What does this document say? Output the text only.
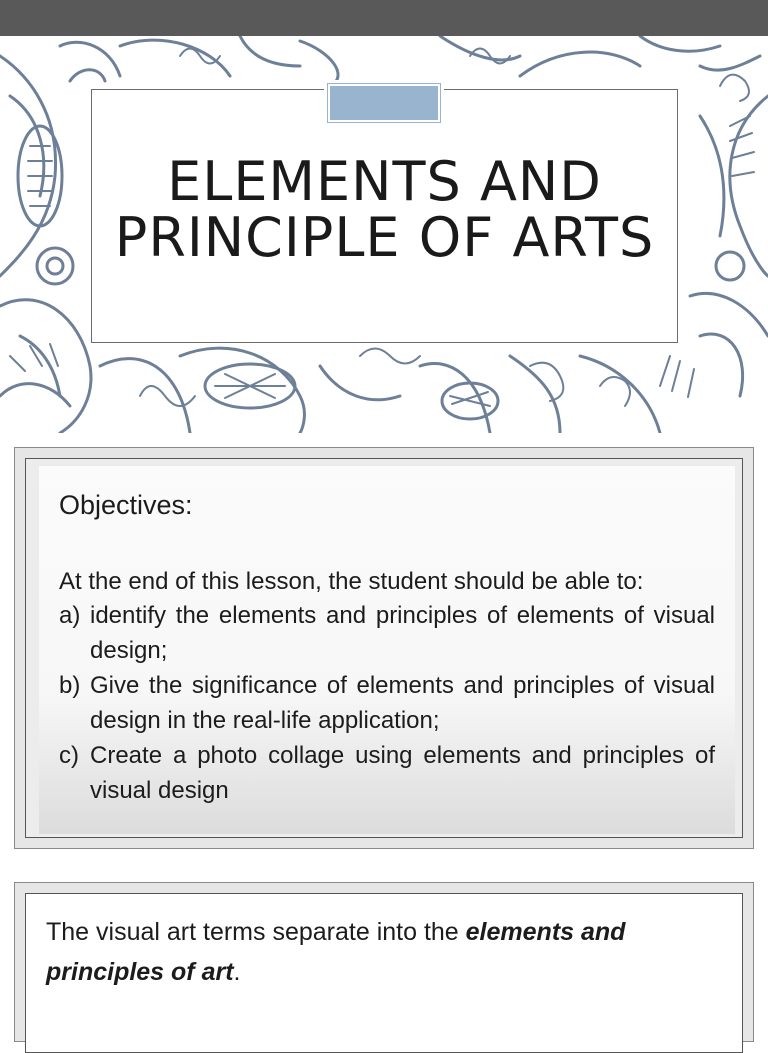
ELEMENTS AND
PRINCIPLE OF ARTS
Objectives:
At the end of this lesson, the student should be able to:
a) identify the elements and principles of elements of visual design;
b) Give the significance of elements and principles of visual design in the real-life application;
c) Create a photo collage using elements and principles of visual design
The visual art terms separate into the elements and principles of art.
